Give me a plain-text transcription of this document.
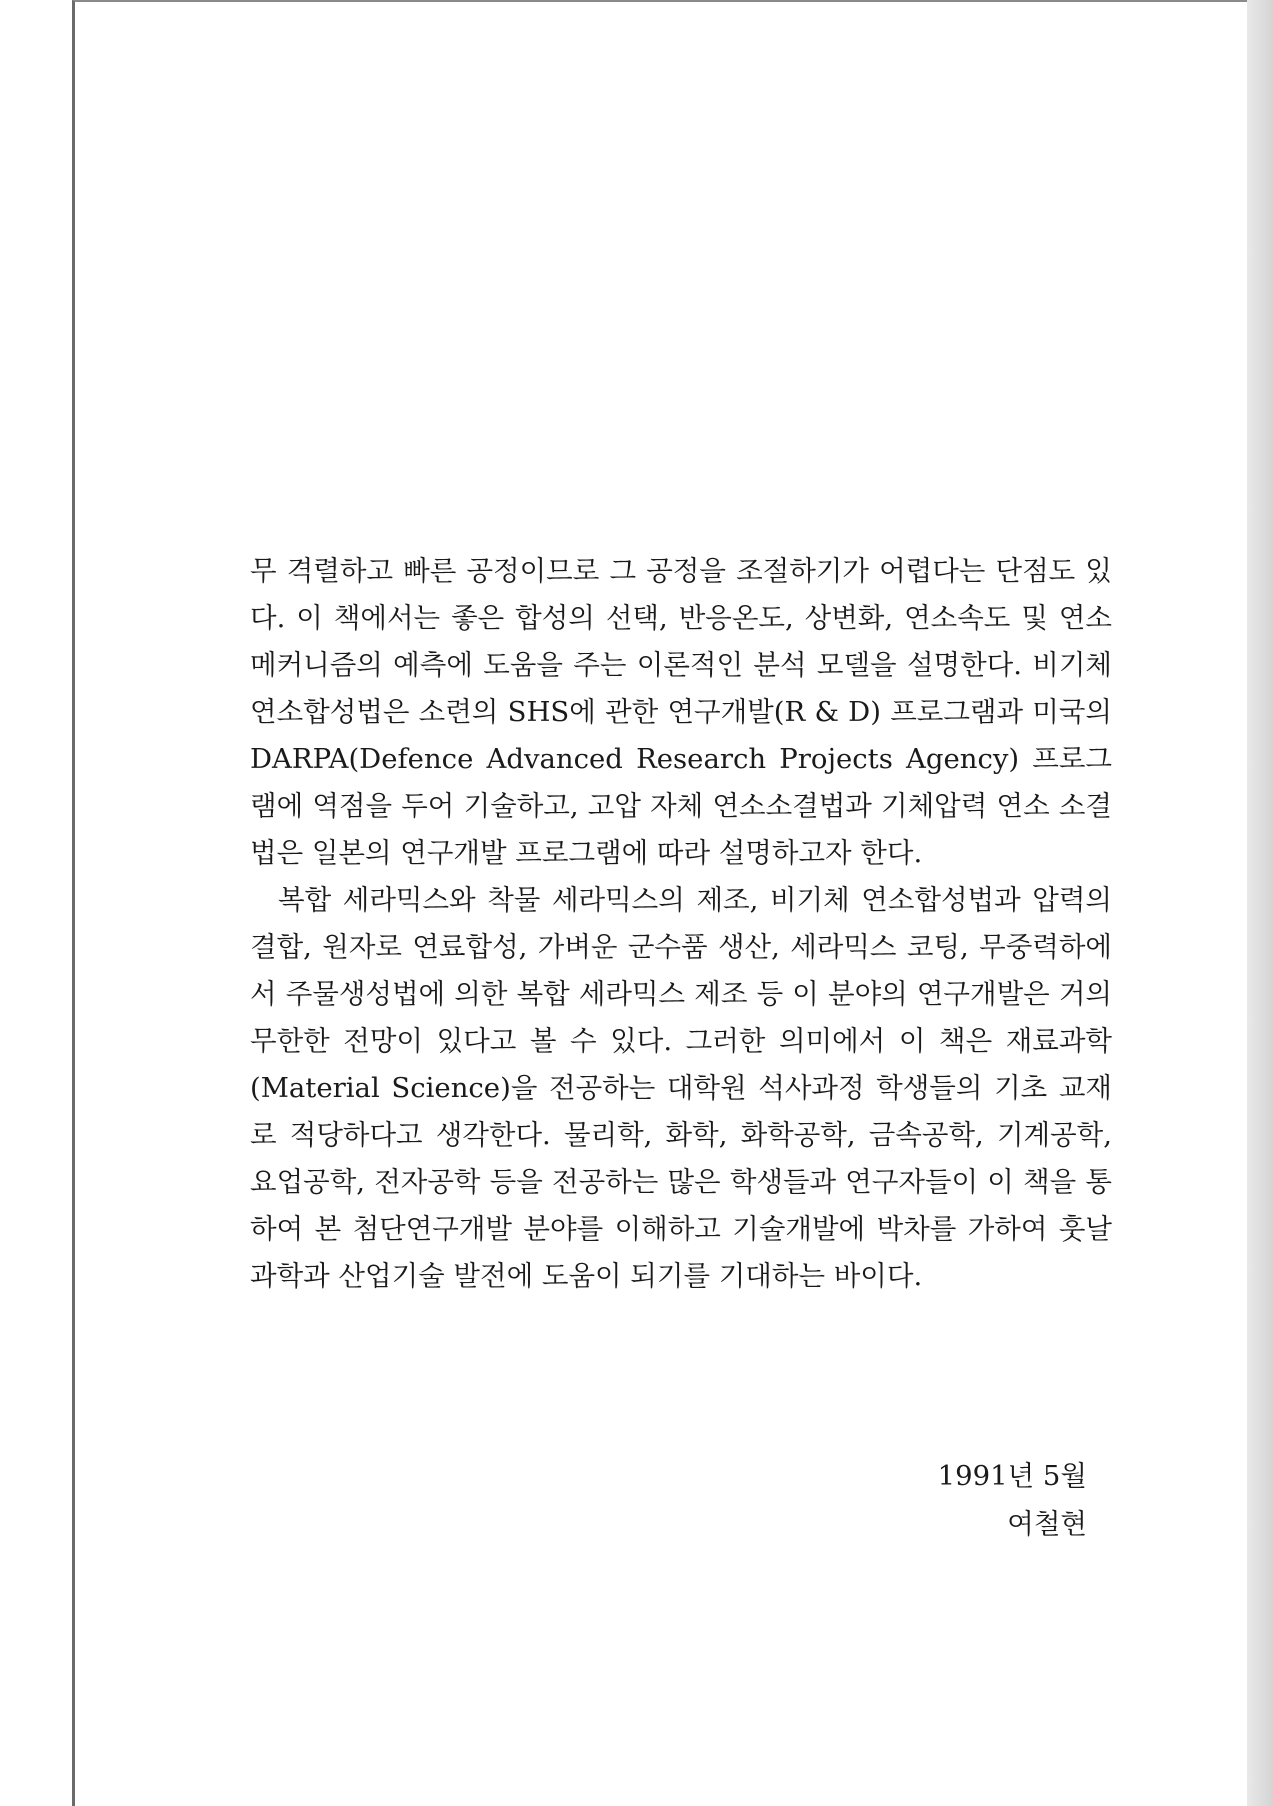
무 격렬하고 빠른 공정이므로 그 공정을 조절하기가 어렵다는 단점도 있다. 이 책에서는 좋은 합성의 선택, 반응온도, 상변화, 연소속도 및 연소 메커니즘의 예측에 도움을 주는 이론적인 분석 모델을 설명한다. 비기체 연소합성법은 소련의 SHS에 관한 연구개발(R & D) 프로그램과 미국의 DARPA(Defence Advanced Research Projects Agency) 프로그램에 역점을 두어 기술하고, 고압 자체 연소소결법과 기체압력 연소 소결법은 일본의 연구개발 프로그램에 따라 설명하고자 한다.

복합 세라믹스와 착물 세라믹스의 제조, 비기체 연소합성법과 압력의 결합, 원자로 연료합성, 가벼운 군수품 생산, 세라믹스 코팅, 무중력하에서 주물생성법에 의한 복합 세라믹스 제조 등 이 분야의 연구개발은 거의 무한한 전망이 있다고 볼 수 있다. 그러한 의미에서 이 책은 재료과학(Material Science)을 전공하는 대학원 석사과정 학생들의 기초 교재로 적당하다고 생각한다. 물리학, 화학, 화학공학, 금속공학, 기계공학, 요업공학, 전자공학 등을 전공하는 많은 학생들과 연구자들이 이 책을 통하여 본 첨단연구개발 분야를 이해하고 기술개발에 박차를 가하여 훗날 과학과 산업기술 발전에 도움이 되기를 기대하는 바이다.

1991년 5월
여철현
